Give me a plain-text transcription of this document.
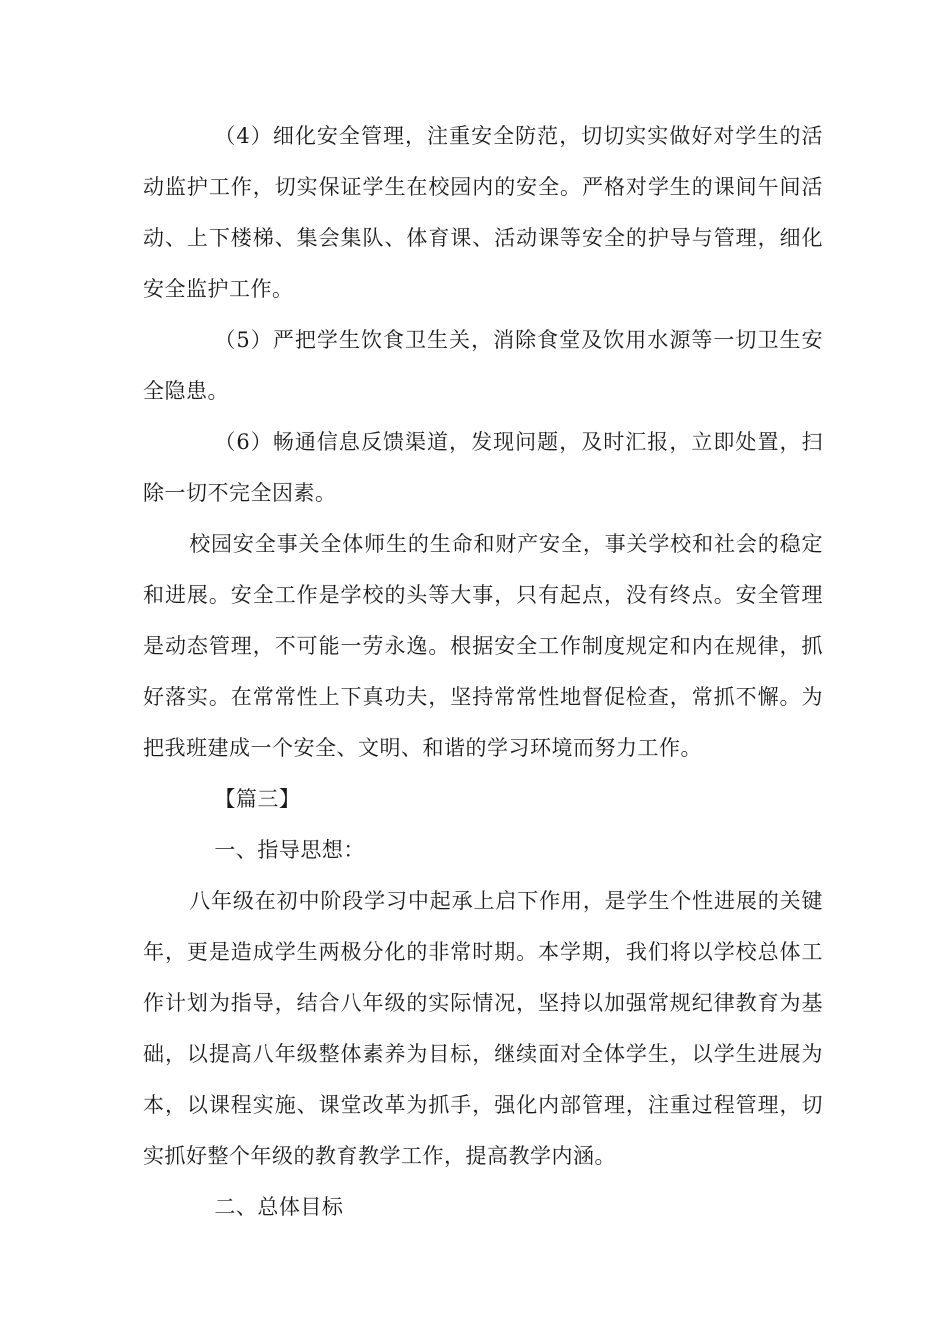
（4）细化安全管理，注重安全防范，切切实实做好对学生的活动监护工作，切实保证学生在校园内的安全。严格对学生的课间午间活动、上下楼梯、集会集队、体育课、活动课等安全的护导与管理，细化安全监护工作。

（5）严把学生饮食卫生关，消除食堂及饮用水源等一切卫生安全隐患。

（6）畅通信息反馈渠道，发现问题，及时汇报，立即处置，扫除一切不完全因素。

校园安全事关全体师生的生命和财产安全，事关学校和社会的稳定和进展。安全工作是学校的头等大事，只有起点，没有终点。安全管理是动态管理，不可能一劳永逸。根据安全工作制度规定和内在规律，抓好落实。在常常性上下真功夫，坚持常常性地督促检查，常抓不懈。为把我班建成一个安全、文明、和谐的学习环境而努力工作。

【篇三】

一、指导思想：

八年级在初中阶段学习中起承上启下作用，是学生个性进展的关键年，更是造成学生两极分化的非常时期。本学期，我们将以学校总体工作计划为指导，结合八年级的实际情况，坚持以加强常规纪律教育为基础，以提高八年级整体素养为目标，继续面对全体学生，以学生进展为本，以课程实施、课堂改革为抓手，强化内部管理，注重过程管理，切实抓好整个年级的教育教学工作，提高教学内涵。

二、总体目标
